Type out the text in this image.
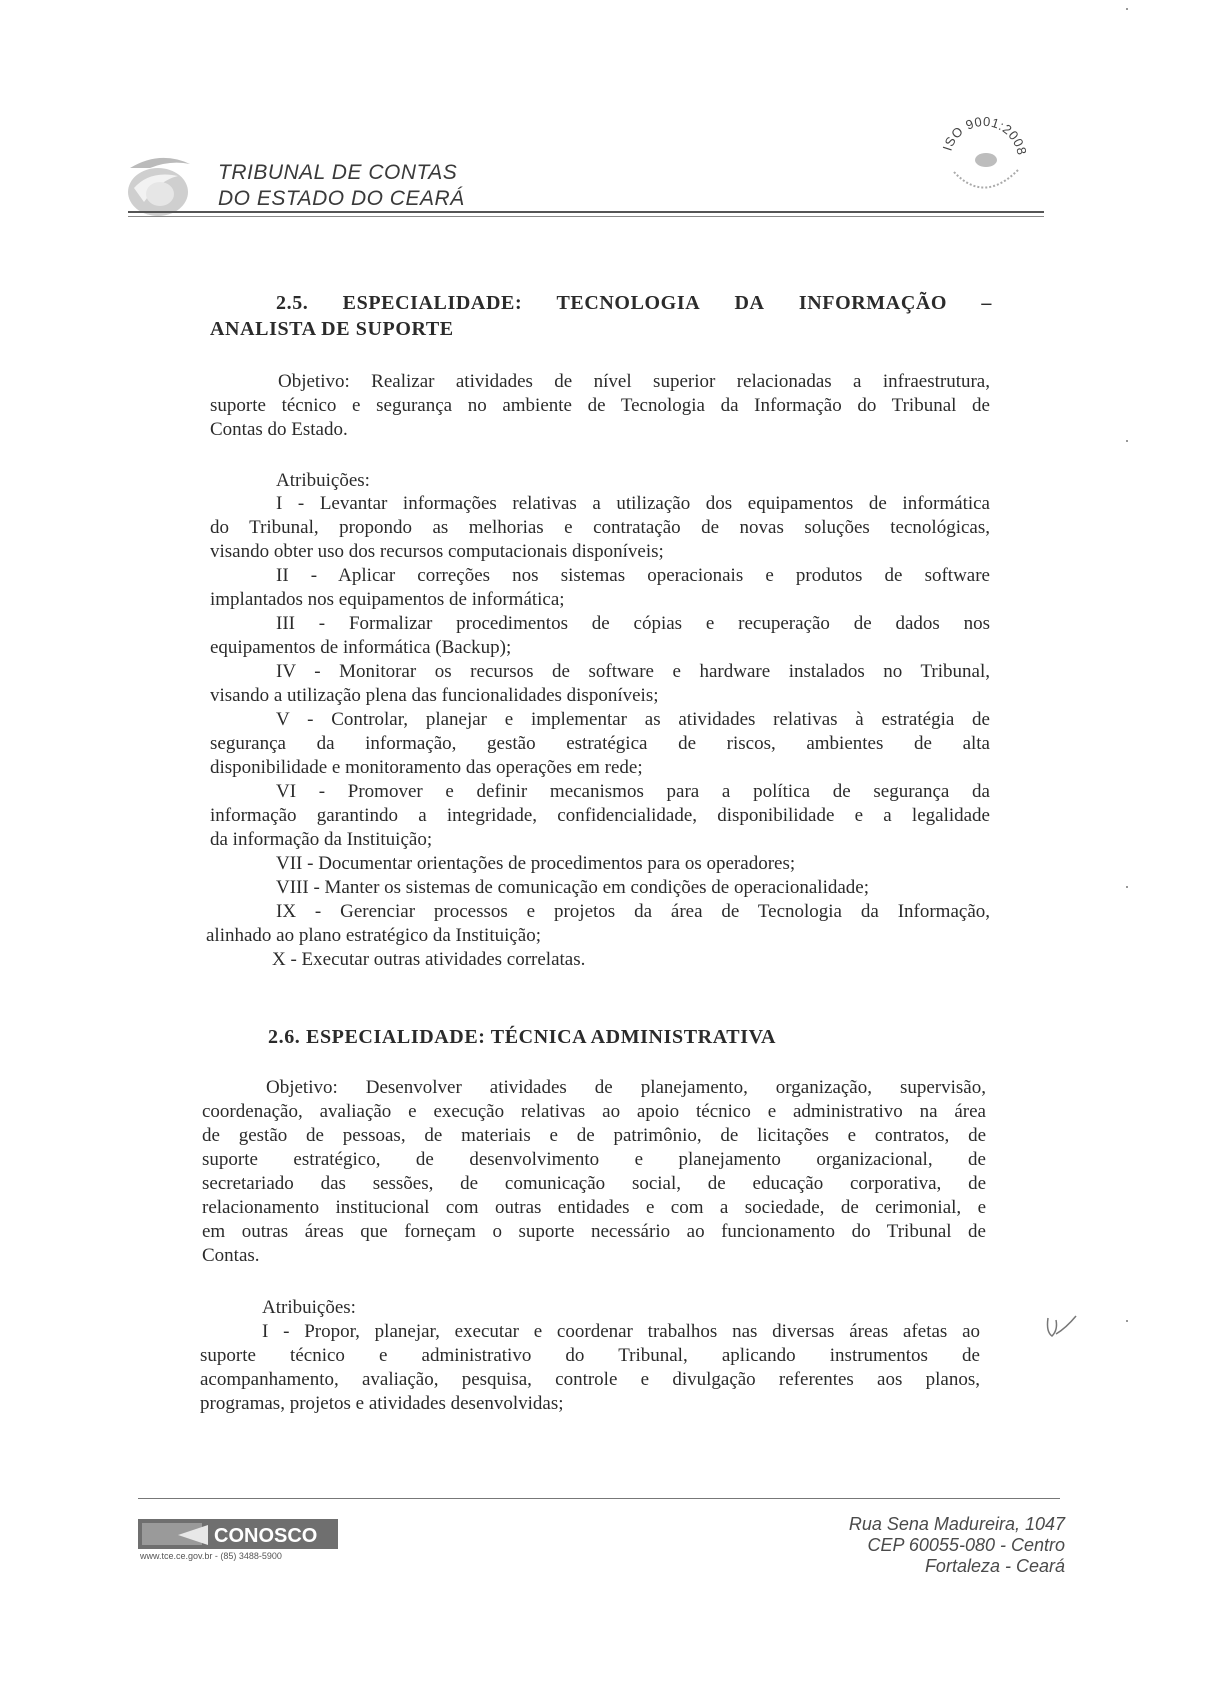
TRIBUNAL DE CONTAS
DO ESTADO DO CEARÁ
ISO 9001:2008
2.5. ESPECIALIDADE: TECNOLOGIA DA INFORMAÇÃO –
ANALISTA DE SUPORTE
Objetivo: Realizar atividades de nível superior relacionadas a infraestrutura,
suporte técnico e segurança no ambiente de Tecnologia da Informação do Tribunal de
Contas do Estado.
Atribuições:
I - Levantar informações relativas a utilização dos equipamentos de informática
do Tribunal, propondo as melhorias e contratação de novas soluções tecnológicas,
visando obter uso dos recursos computacionais disponíveis;
II - Aplicar correções nos sistemas operacionais e produtos de software
implantados nos equipamentos de informática;
III - Formalizar procedimentos de cópias e recuperação de dados nos
equipamentos de informática (Backup);
IV - Monitorar os recursos de software e hardware instalados no Tribunal,
visando a utilização plena das funcionalidades disponíveis;
V - Controlar, planejar e implementar as atividades relativas à estratégia de
segurança da informação, gestão estratégica de riscos, ambientes de alta
disponibilidade e monitoramento das operações em rede;
VI - Promover e definir mecanismos para a política de segurança da
informação garantindo a integridade, confidencialidade, disponibilidade e a legalidade
da informação da Instituição;
VII - Documentar orientações de procedimentos para os operadores;
VIII - Manter os sistemas de comunicação em condições de operacionalidade;
IX - Gerenciar processos e projetos da área de Tecnologia da Informação,
alinhado ao plano estratégico da Instituição;
X - Executar outras atividades correlatas.
2.6. ESPECIALIDADE: TÉCNICA ADMINISTRATIVA
Objetivo: Desenvolver atividades de planejamento, organização, supervisão,
coordenação, avaliação e execução relativas ao apoio técnico e administrativo na área
de gestão de pessoas, de materiais e de patrimônio, de licitações e contratos, de
suporte estratégico, de desenvolvimento e planejamento organizacional, de
secretariado das sessões, de comunicação social, de educação corporativa, de
relacionamento institucional com outras entidades e com a sociedade, de cerimonial, e
em outras áreas que forneçam o suporte necessário ao funcionamento do Tribunal de
Contas.
Atribuições:
I - Propor, planejar, executar e coordenar trabalhos nas diversas áreas afetas ao
suporte técnico e administrativo do Tribunal, aplicando instrumentos de
acompanhamento, avaliação, pesquisa, controle e divulgação referentes aos planos,
programas, projetos e atividades desenvolvidas;
CONOSCO
www.tce.ce.gov.br - (85) 3488-5900
Rua Sena Madureira, 1047
CEP 60055-080 - Centro
Fortaleza - Ceará
